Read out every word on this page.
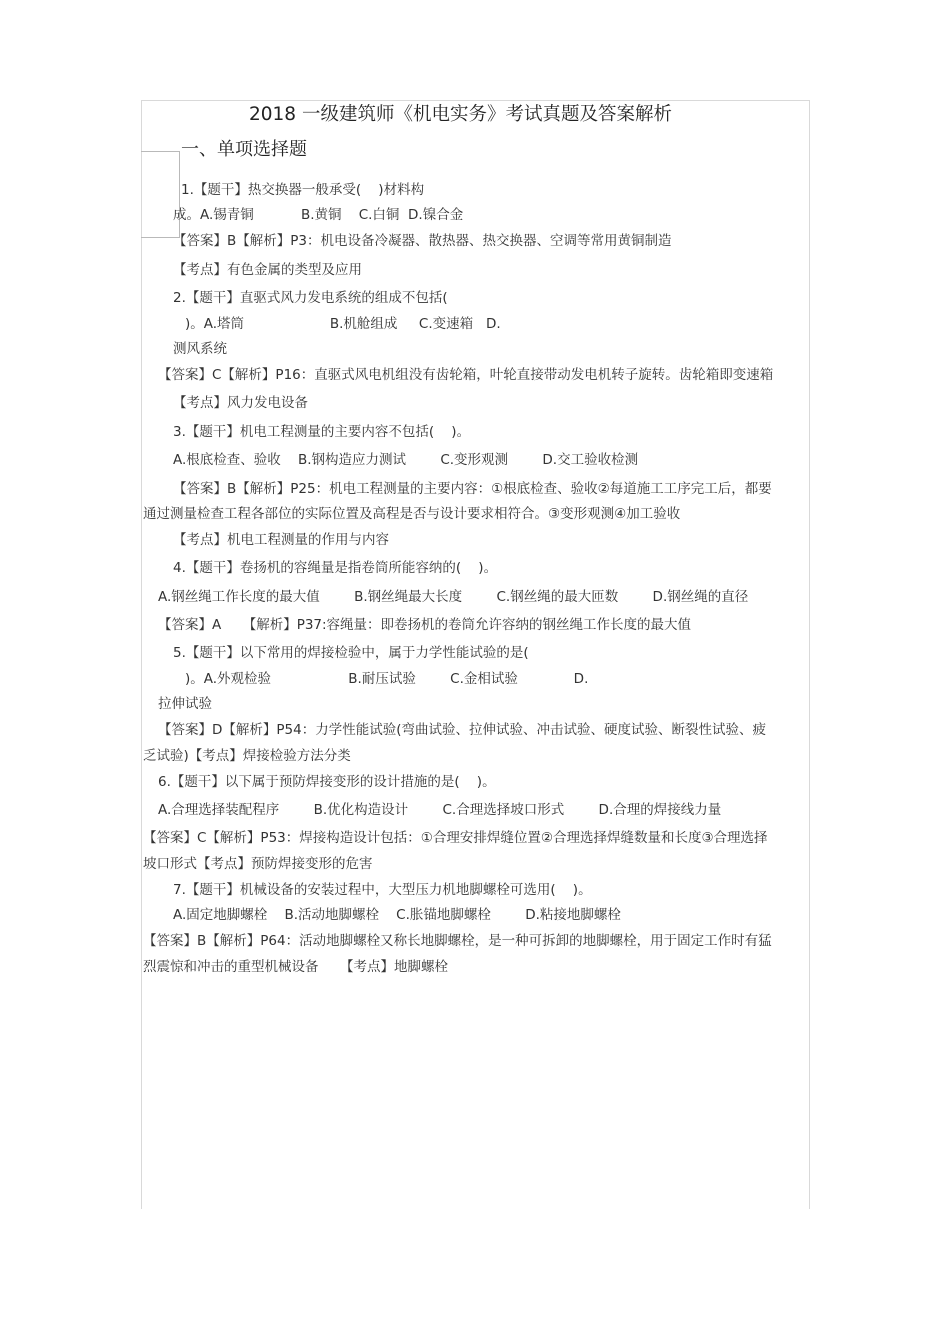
2018 一级建筑师《机电实务》考试真题及答案解析
一、单项选择题
1.【题干】热交换器一般承受(    )材料构
成。A.锡青铜           B.黄铜    C.白铜  D.镍合金
【答案】B【解析】P3：机电设备冷凝器、散热器、热交换器、空调等常用黄铜制造
【考点】有色金属的类型及应用
2.【题干】直驱式风力发电系统的组成不包括(
)。A.塔筒                    B.机舱组成     C.变速箱   D.
测风系统
【答案】C【解析】P16：直驱式风电机组没有齿轮箱，叶轮直接带动发电机转子旋转。齿轮箱即变速箱
【考点】风力发电设备
3.【题干】机电工程测量的主要内容不包括(    )。
A.根底检查、验收    B.钢构造应力测试        C.变形观测        D.交工验收检测
【答案】B【解析】P25：机电工程测量的主要内容：①根底检查、验收②每道施工工序完工后，都要
通过测量检查工程各部位的实际位置及高程是否与设计要求相符合。③变形观测④加工验收
【考点】机电工程测量的作用与内容
4.【题干】卷扬机的容绳量是指卷筒所能容纳的(    )。
A.钢丝绳工作长度的最大值        B.钢丝绳最大长度        C.钢丝绳的最大匝数        D.钢丝绳的直径
【答案】A     【解析】P37:容绳量：即卷扬机的卷筒允许容纳的钢丝绳工作长度的最大值
5.【题干】以下常用的焊接检验中，属于力学性能试验的是(
)。A.外观检验                  B.耐压试验        C.金相试验             D.
拉伸试验
【答案】D【解析】P54：力学性能试验(弯曲试验、拉伸试验、冲击试验、硬度试验、断裂性试验、疲
乏试验)【考点】焊接检验方法分类
6.【题干】以下属于预防焊接变形的设计措施的是(    )。
A.合理选择装配程序        B.优化构造设计        C.合理选择坡口形式        D.合理的焊接线力量
【答案】C【解析】P53：焊接构造设计包括：①合理安排焊缝位置②合理选择焊缝数量和长度③合理选择
坡口形式【考点】预防焊接变形的危害
7.【题干】机械设备的安装过程中，大型压力机地脚螺栓可选用(    )。
A.固定地脚螺栓    B.活动地脚螺栓    C.胀锚地脚螺栓        D.粘接地脚螺栓
【答案】B【解析】P64：活动地脚螺栓又称长地脚螺栓，是一种可拆卸的地脚螺栓，用于固定工作时有猛
烈震惊和冲击的重型机械设备     【考点】地脚螺栓
